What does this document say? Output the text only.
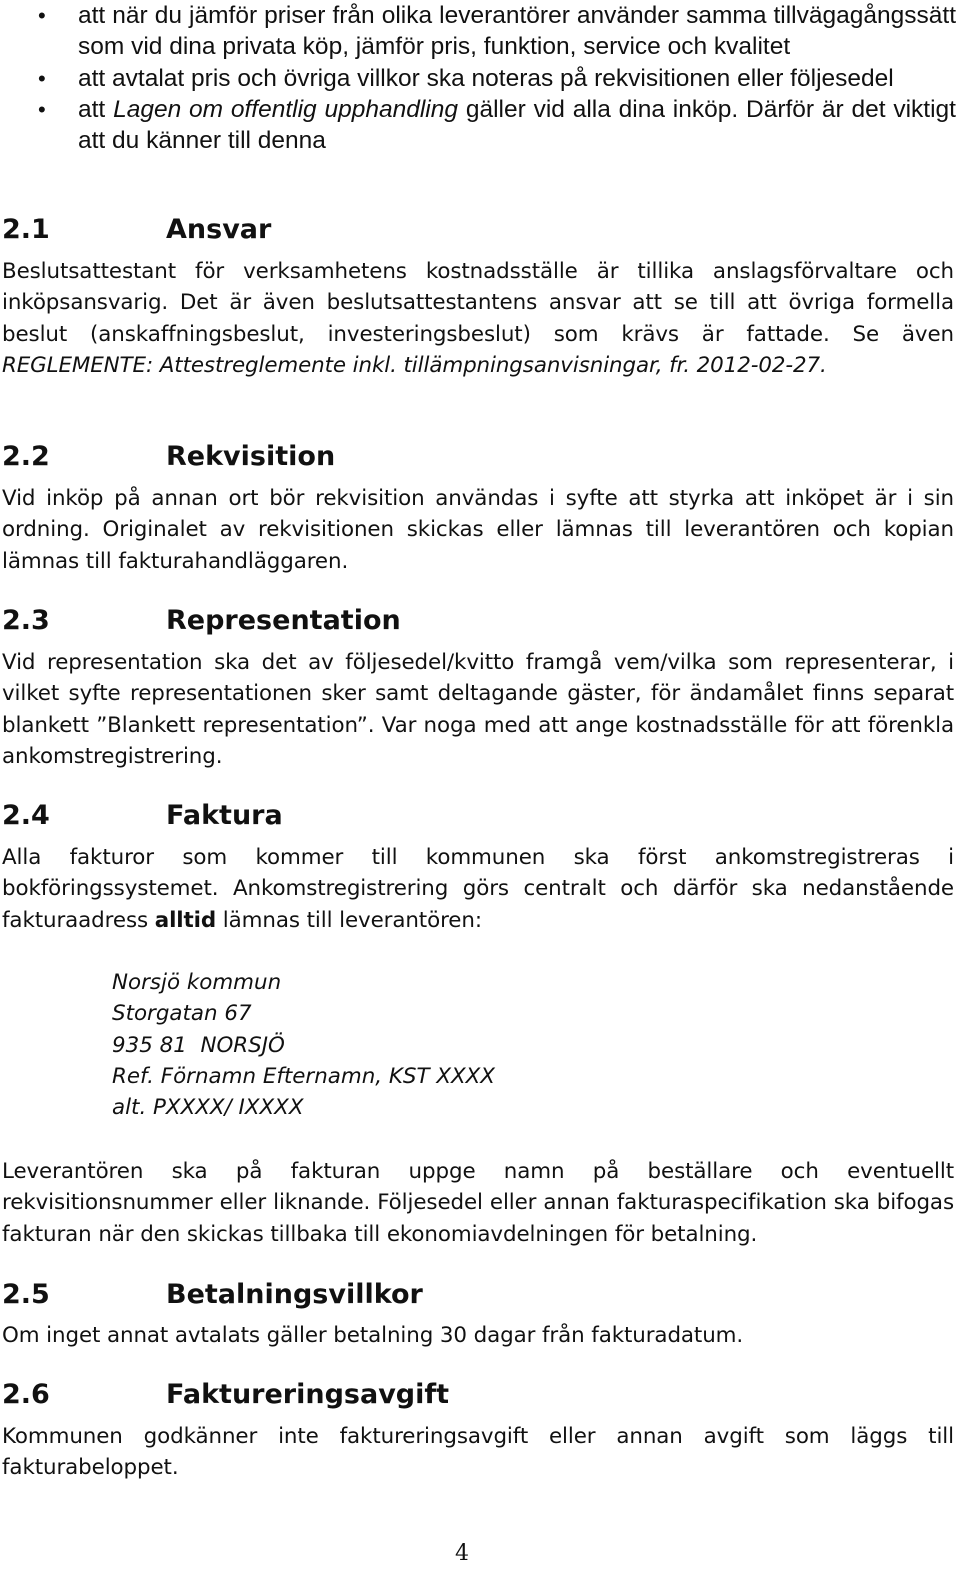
• att när du jämför priser från olika leverantörer använder samma tillvägagångssätt som vid dina privata köp, jämför pris, funktion, service och kvalitet
• att avtalat pris och övriga villkor ska noteras på rekvisitionen eller följesedel
• att Lagen om offentlig upphandling gäller vid alla dina inköp. Därför är det viktigt att du känner till denna
2.1	Ansvar

Beslutsattestant för verksamhetens kostnadsställe är tillika anslagsförvaltare och inköpsansvarig. Det är även beslutsattestantens ansvar att se till att övriga formella beslut (anskaffningsbeslut, investeringsbeslut) som krävs är fattade. Se även REGLEMENTE: Attestreglemente inkl. tillämpningsanvisningar, fr. 2012-02-27.

2.2	Rekvisition

Vid inköp på annan ort bör rekvisition användas i syfte att styrka att inköpet är i sin ordning. Originalet av rekvisitionen skickas eller lämnas till leverantören och kopian lämnas till fakturahandläggaren.

2.3	Representation

Vid representation ska det av följesedel/kvitto framgå vem/vilka som representerar, i vilket syfte representationen sker samt deltagande gäster, för ändamålet finns separat blankett ”Blankett representation”. Var noga med att ange kostnadsställe för att förenkla ankomstregistrering.

2.4	Faktura

Alla fakturor som kommer till kommunen ska först ankomstregistreras i bokföringssystemet. Ankomstregistrering görs centralt och därför ska nedanstående fakturaadress alltid lämnas till leverantören:

Norsjö kommun
Storgatan 67
935 81  NORSJÖ
Ref. Förnamn Efternamn, KST XXXX
alt. PXXXX/ IXXXX

Leverantören ska på fakturan uppge namn på beställare och eventuellt rekvisitionsnummer eller liknande. Följesedel eller annan fakturaspecifikation ska bifogas fakturan när den skickas tillbaka till ekonomiavdelningen för betalning.

2.5	Betalningsvillkor

Om inget annat avtalats gäller betalning 30 dagar från fakturadatum.

2.6	Faktureringsavgift

Kommunen godkänner inte faktureringsavgift eller annan avgift som läggs till fakturabeloppet.

4
